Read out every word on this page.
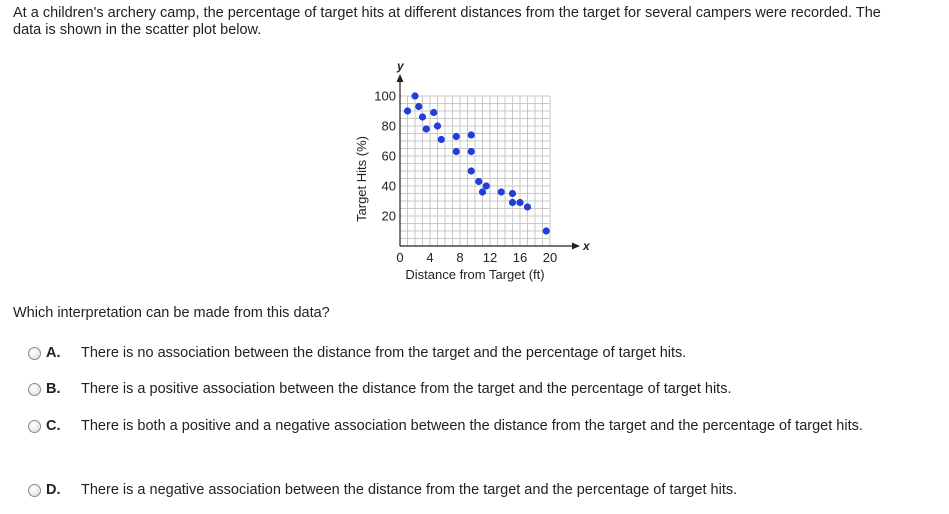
At a children's archery camp, the percentage of target hits at different distances from the target for several campers were recorded. The data is shown in the scatter plot below.
0 4 8 12 16 20
20
40
60
80
100
x
y
Distance from Target (ft)
Target Hits (%)
Which interpretation can be made from this data?
A. There is no association between the distance from the target and the percentage of target hits.
B. There is a positive association between the distance from the target and the percentage of target hits.
C. There is both a positive and a negative association between the distance from the target and the percentage of target hits.
D. There is a negative association between the distance from the target and the percentage of target hits.
